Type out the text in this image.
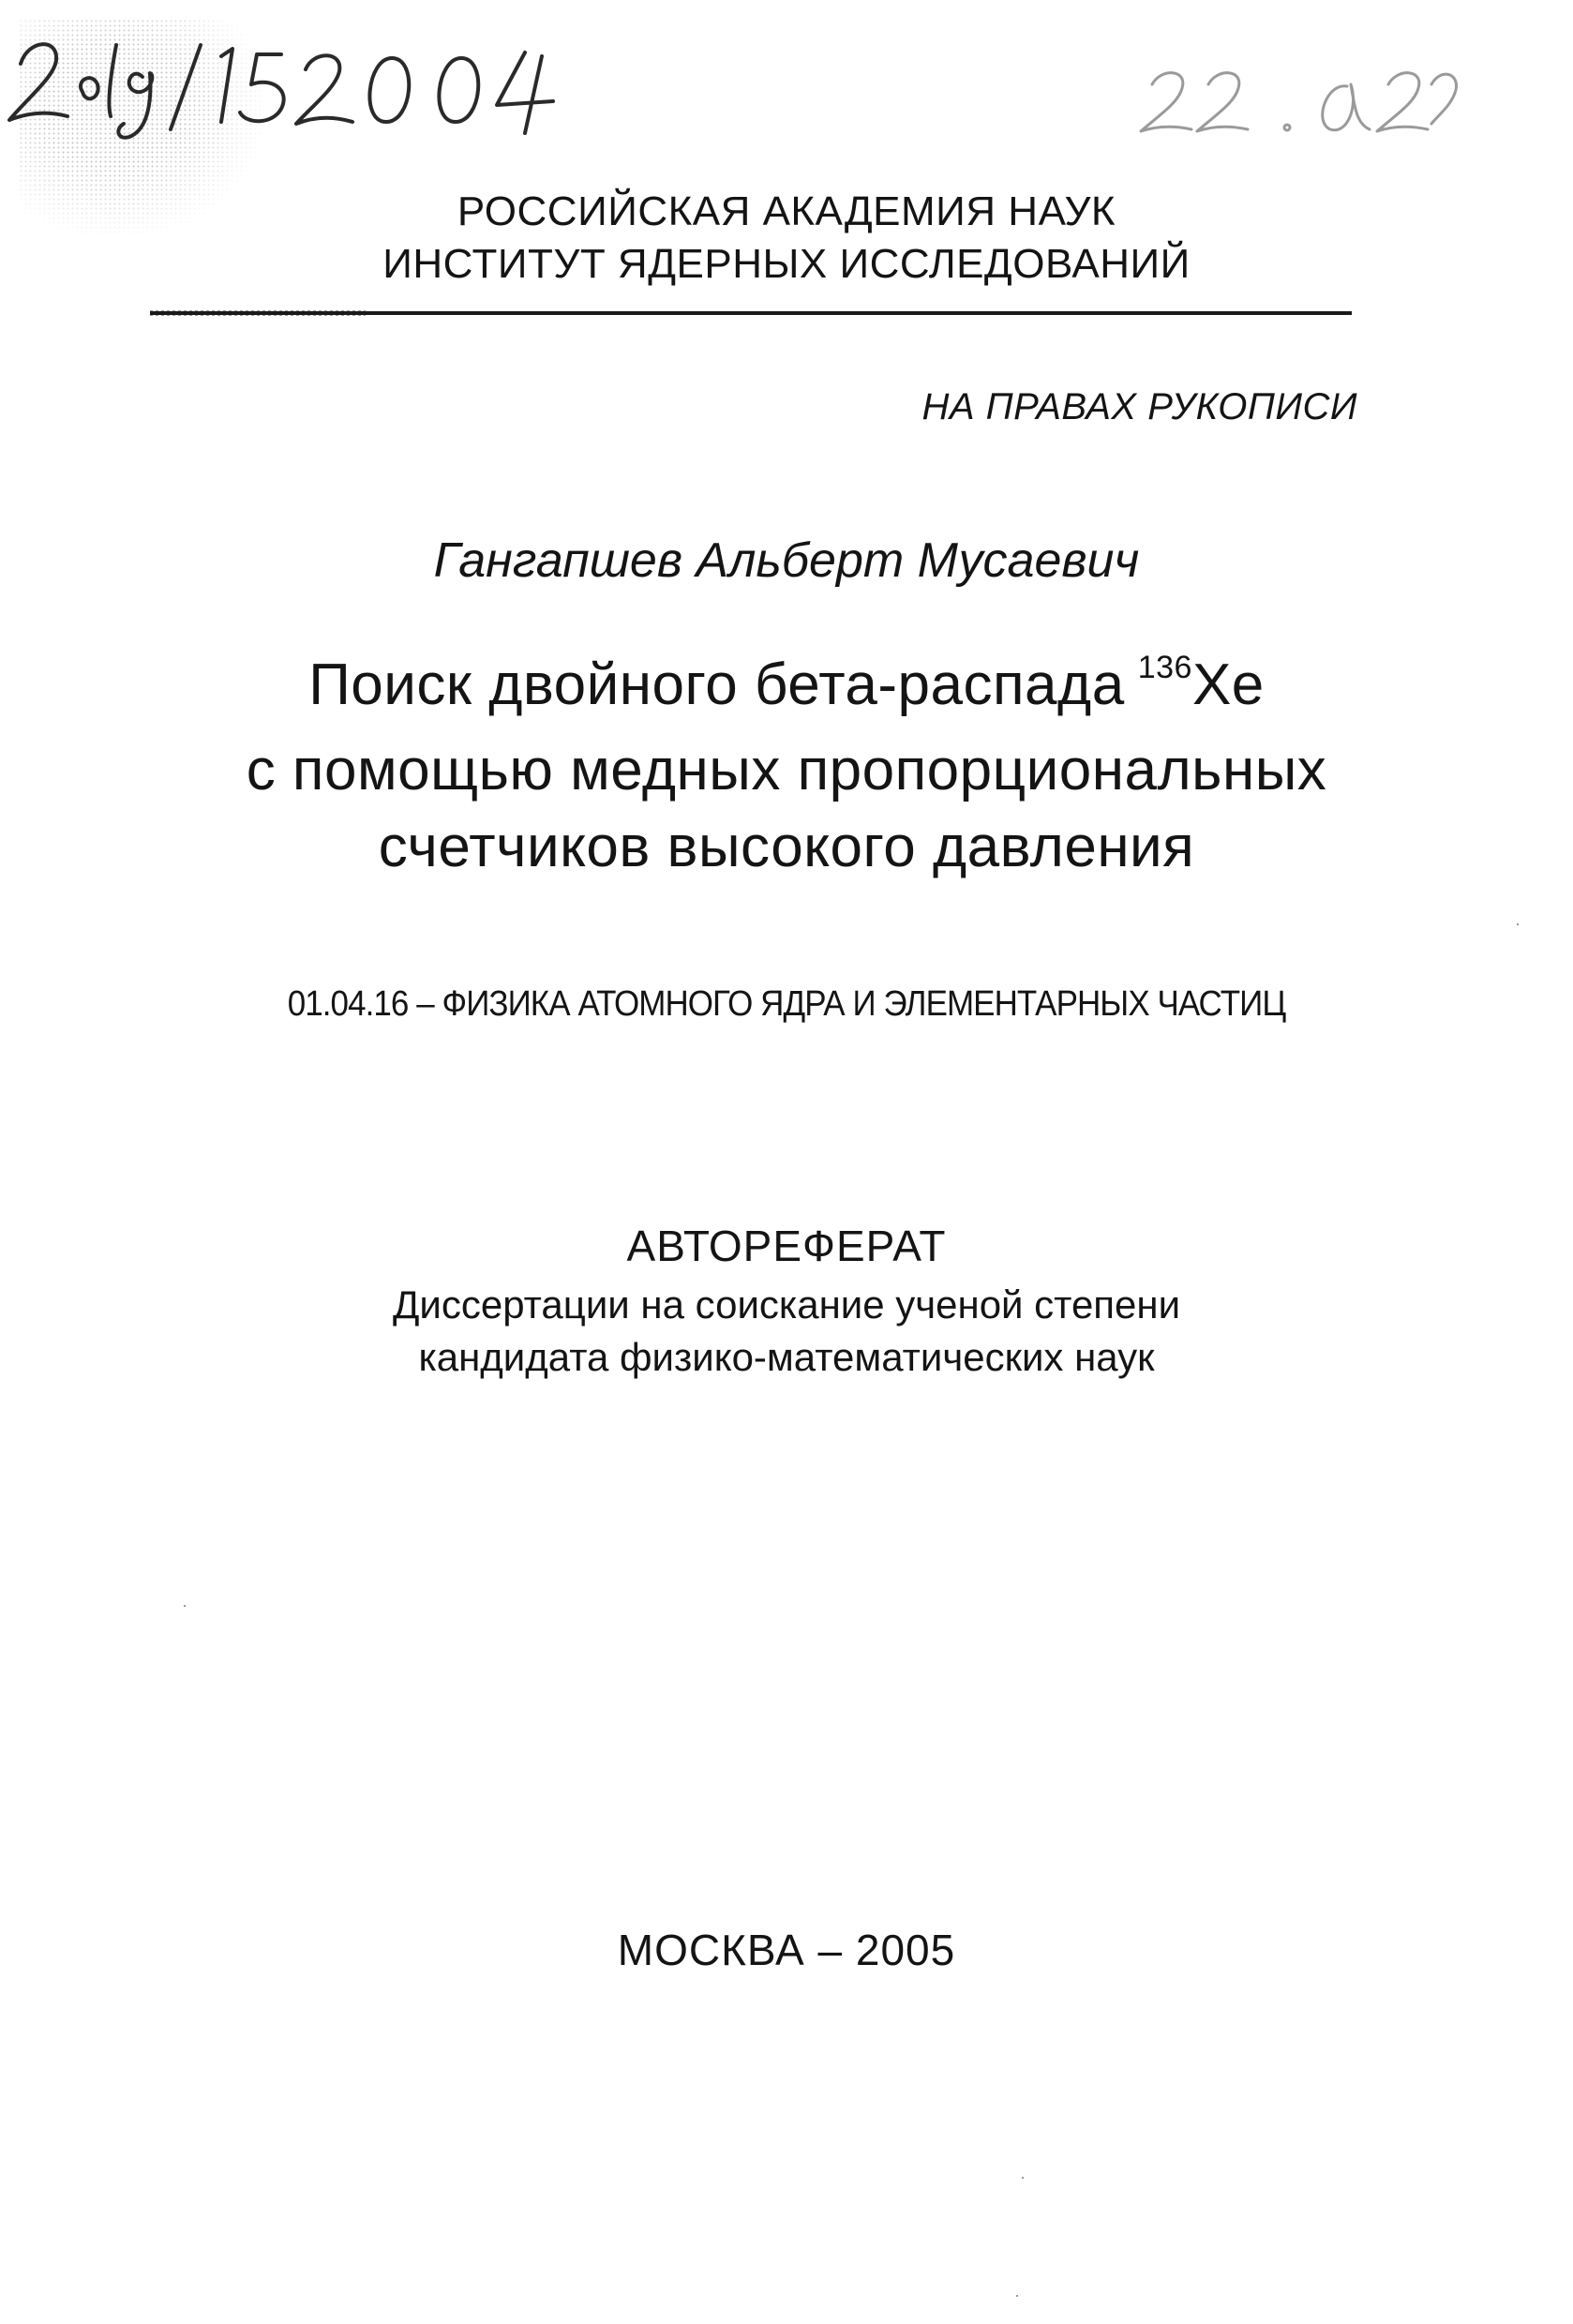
РОССИЙСКАЯ АКАДЕМИЯ НАУК
ИНСТИТУТ ЯДЕРНЫХ ИССЛЕДОВАНИЙ
НА ПРАВАХ РУКОПИСИ
Гангапшев Альберт Мусаевич
Поиск двойного бета-распада $^{136}$Xe
с помощью медных пропорциональных
счетчиков высокого давления
01.04.16 – ФИЗИКА АТОМНОГО ЯДРА И ЭЛЕМЕНТАРНЫХ ЧАСТИЦ
АВТОРЕФЕРАТ
Диссертации на соискание ученой степени
кандидата физико-математических наук
МОСКВА – 2005
